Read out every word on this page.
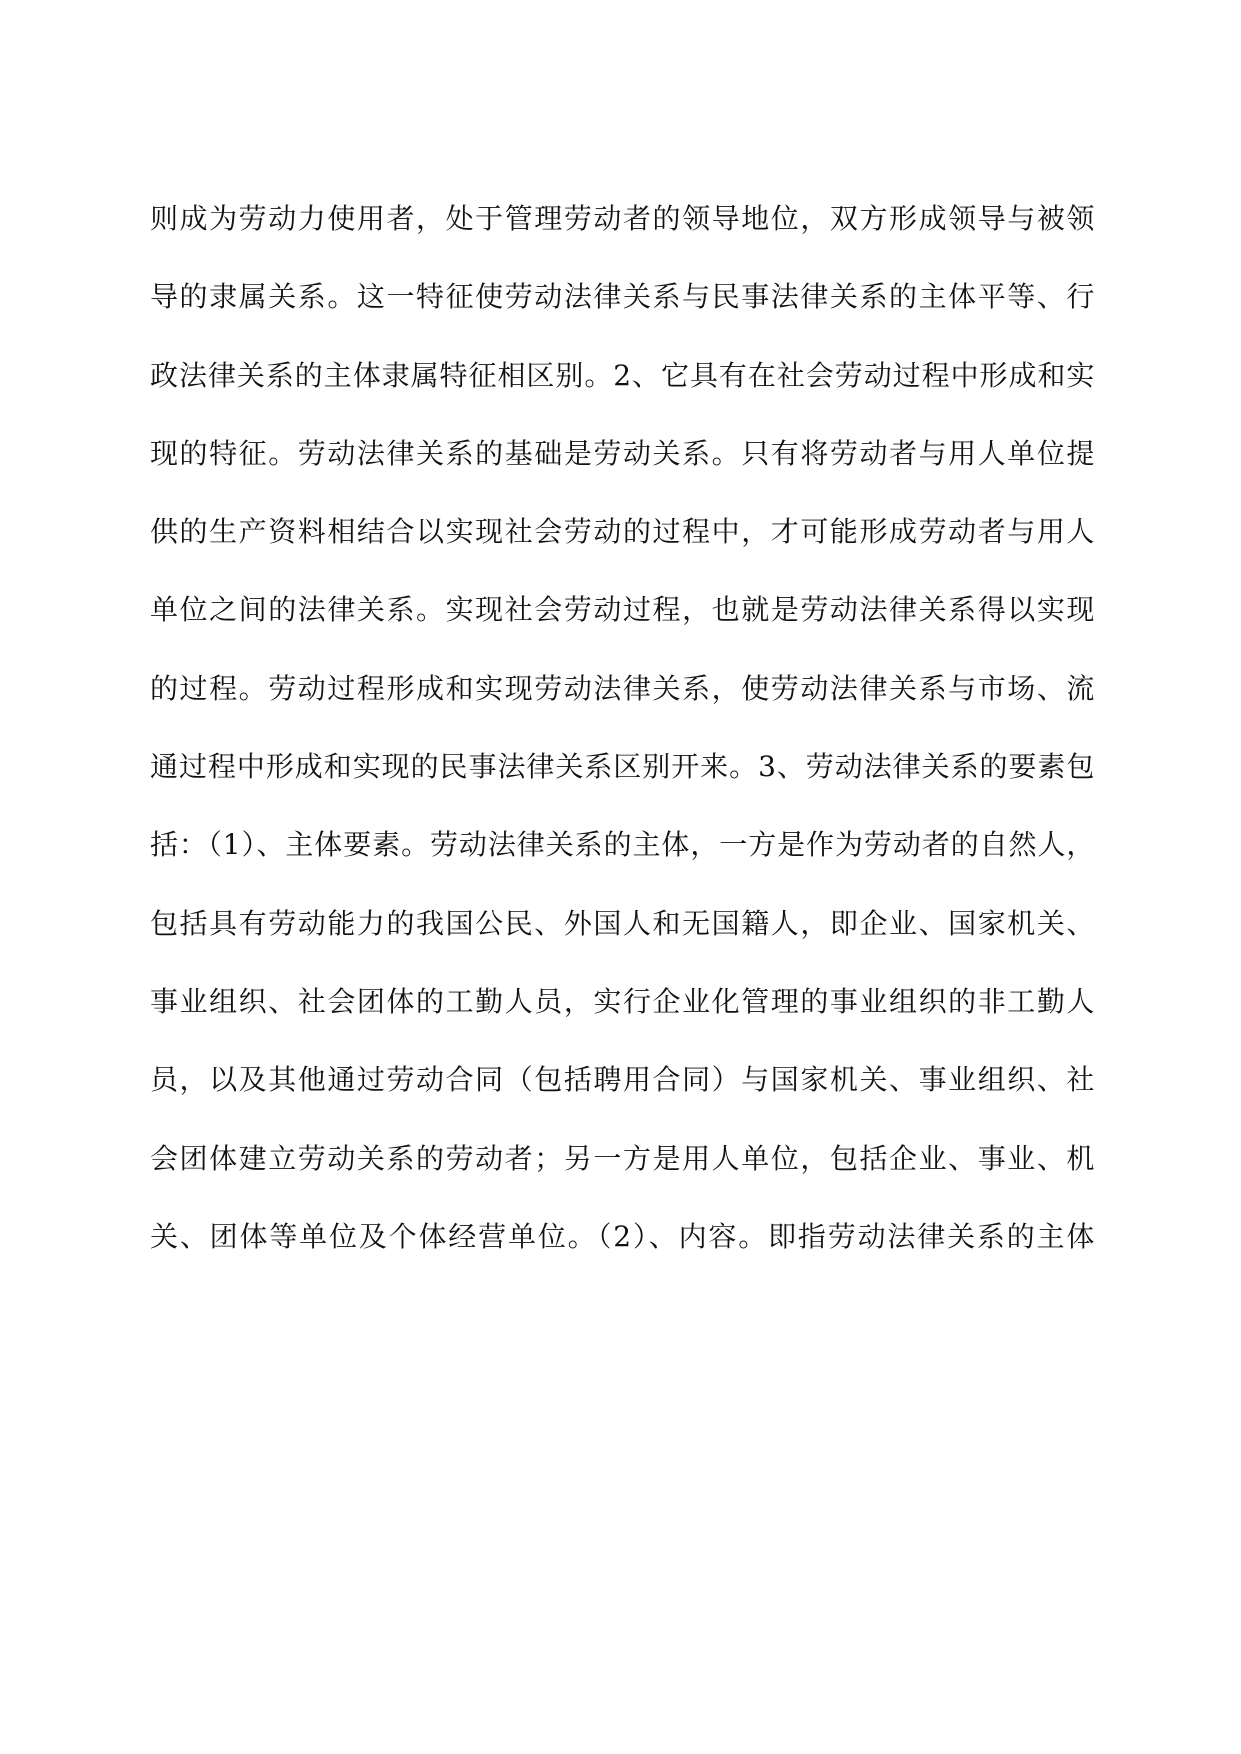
则成为劳动力使用者，处于管理劳动者的领导地位，双方形成领导与被领
导的隶属关系。这一特征使劳动法律关系与民事法律关系的主体平等、行
政法律关系的主体隶属特征相区别。2、它具有在社会劳动过程中形成和实
现的特征。劳动法律关系的基础是劳动关系。只有将劳动者与用人单位提
供的生产资料相结合以实现社会劳动的过程中，才可能形成劳动者与用人
单位之间的法律关系。实现社会劳动过程，也就是劳动法律关系得以实现
的过程。劳动过程形成和实现劳动法律关系，使劳动法律关系与市场、流
通过程中形成和实现的民事法律关系区别开来。3、劳动法律关系的要素包
括：（1）、主体要素。劳动法律关系的主体，一方是作为劳动者的自然人，
包括具有劳动能力的我国公民、外国人和无国籍人，即企业、国家机关、
事业组织、社会团体的工勤人员，实行企业化管理的事业组织的非工勤人
员，以及其他通过劳动合同（包括聘用合同）与国家机关、事业组织、社
会团体建立劳动关系的劳动者；另一方是用人单位，包括企业、事业、机
关、团体等单位及个体经营单位。（2）、内容。即指劳动法律关系的主体
